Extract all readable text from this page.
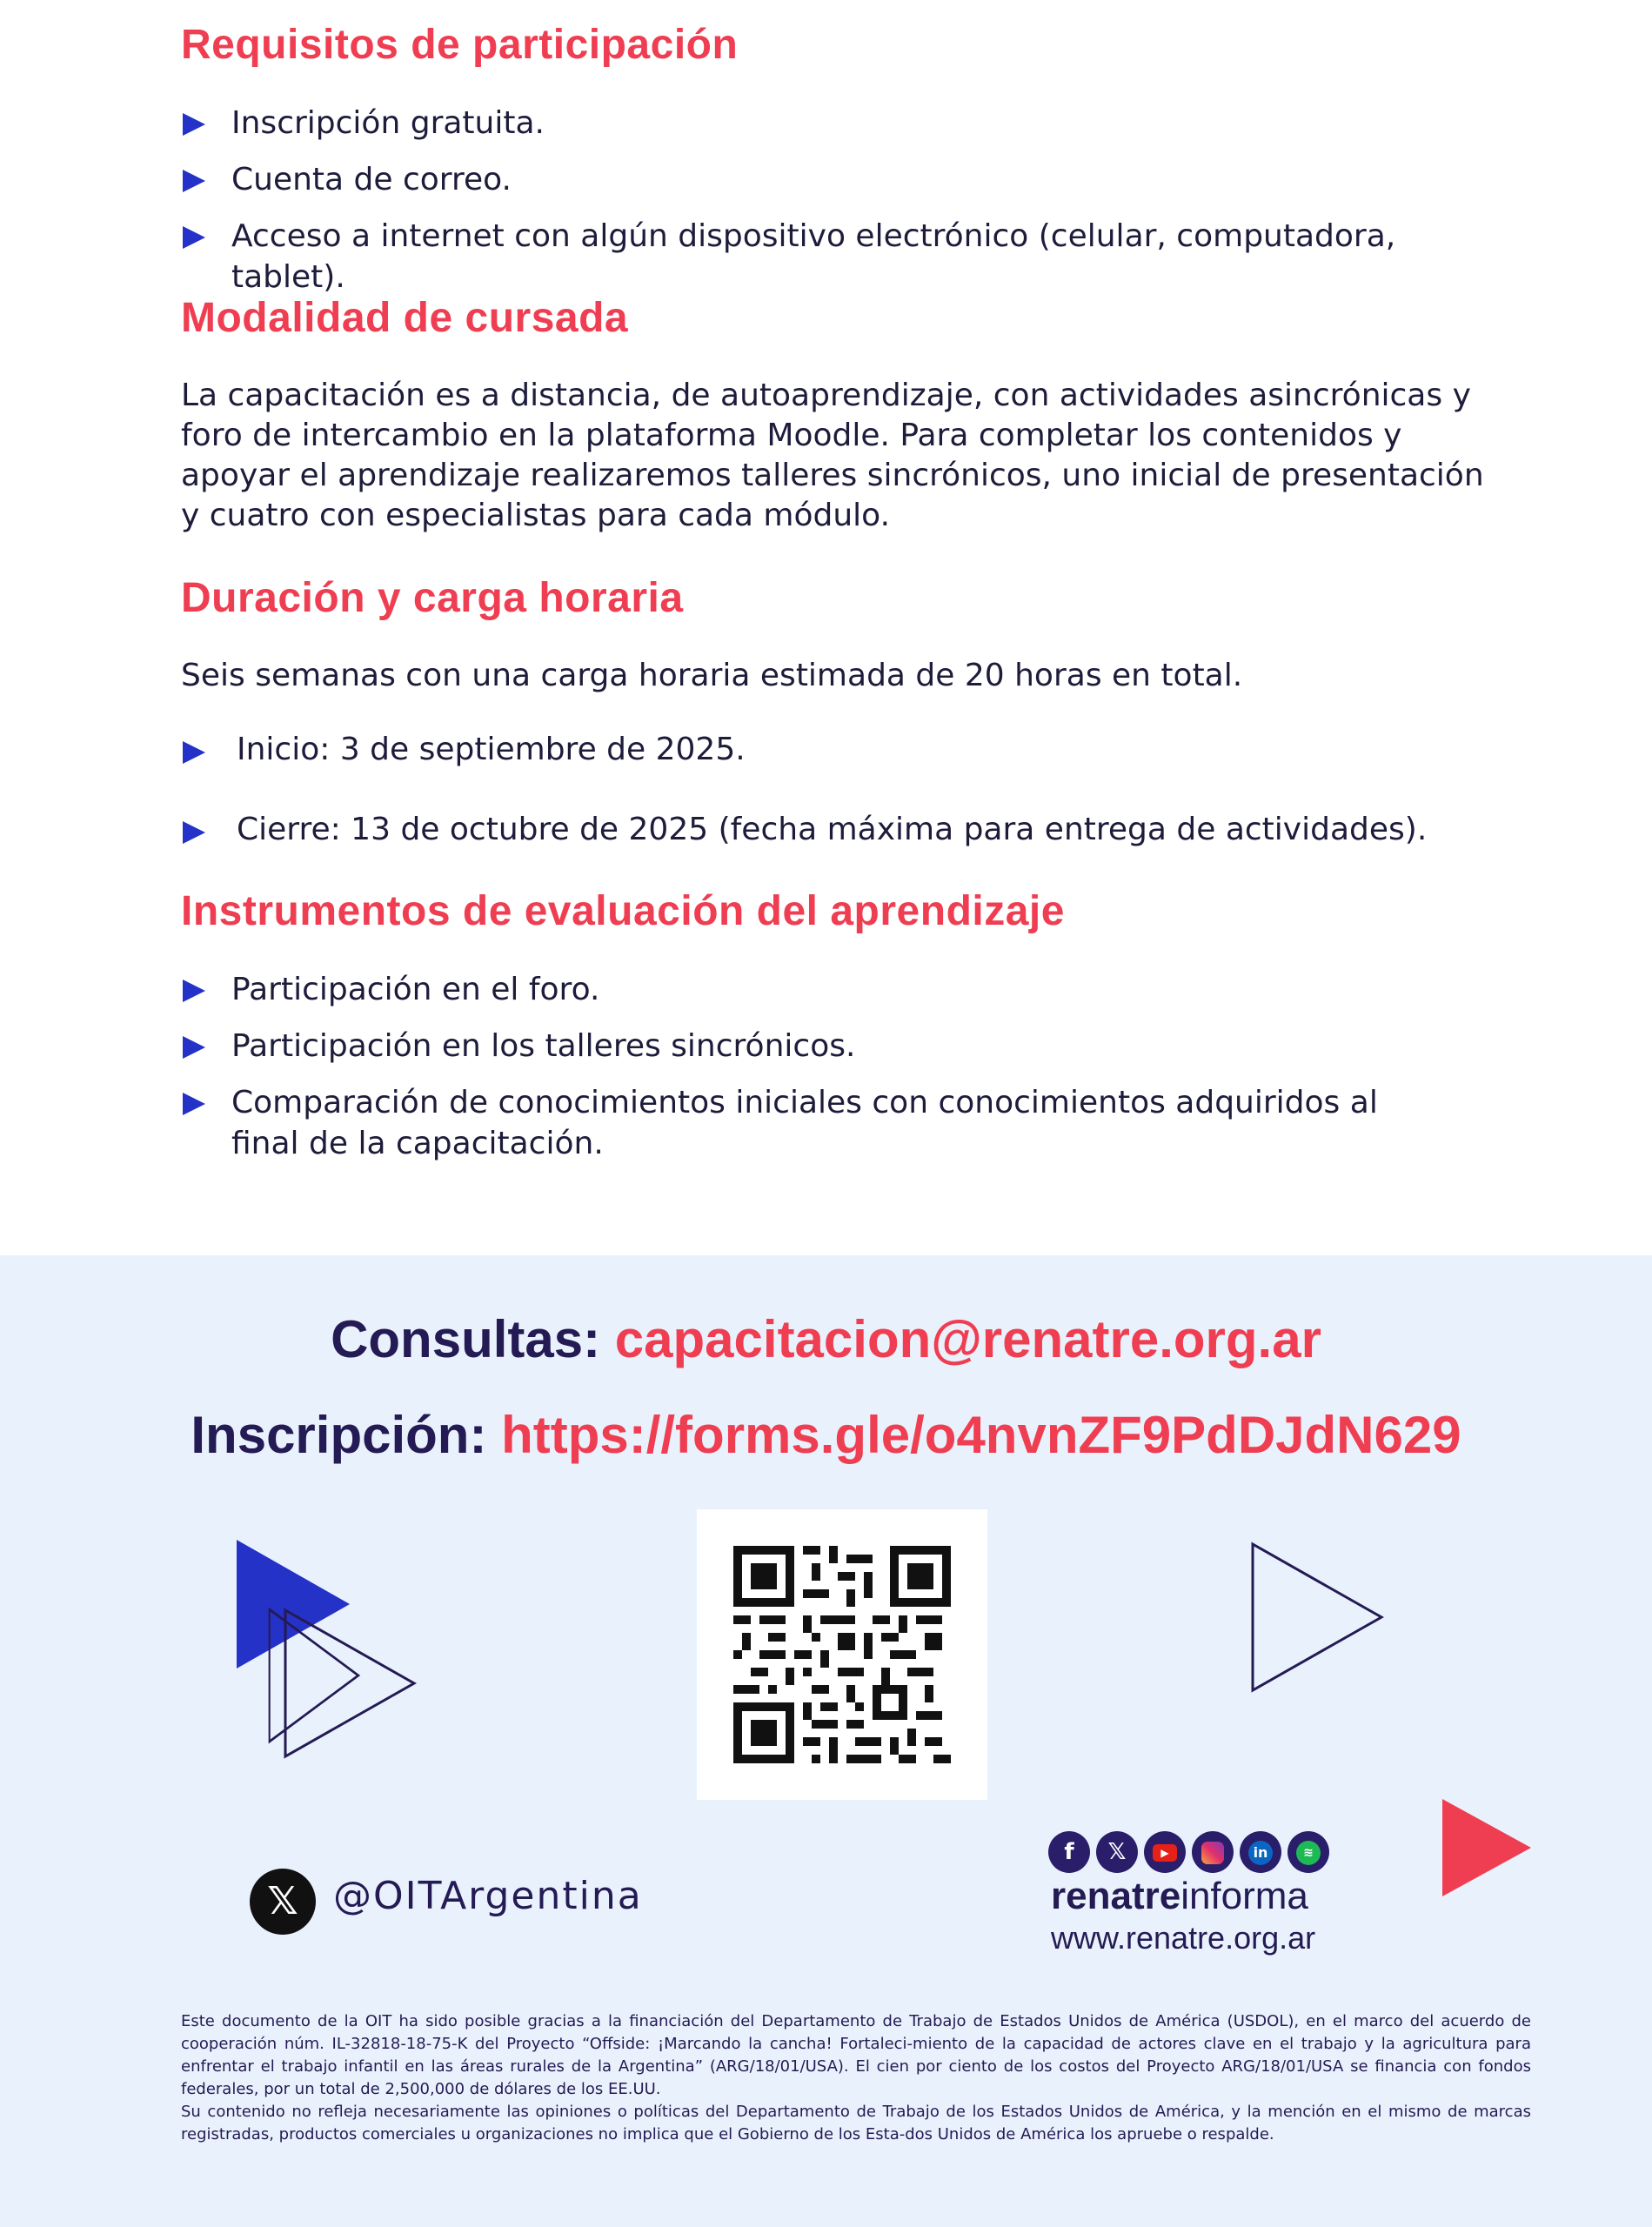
Requisitos de participación
Inscripción gratuita.
Cuenta de correo.
Acceso a internet con algún dispositivo electrónico (celular, computadora, tablet).
Modalidad de cursada

La capacitación es a distancia, de autoaprendizaje, con actividades asincrónicas y foro de intercambio en la plataforma Moodle. Para completar los contenidos y apoyar el aprendizaje realizaremos talleres sincrónicos, uno inicial de presentación y cuatro con especialistas para cada módulo.

Duración y carga horaria

Seis semanas con una carga horaria estimada de 20 horas en total.

Inicio: 3 de septiembre de 2025.
Cierre: 13 de octubre de 2025 (fecha máxima para entrega de actividades).
Instrumentos de evaluación del aprendizaje
Participación en el foro.
Participación en los talleres sincrónicos.
Comparación de conocimientos iniciales con conocimientos adquiridos al final de la capacitación.
Consultas: capacitacion@renatre.org.ar
Inscripción: https://forms.gle/o4nvnZF9PdDJdN629
𝕏 @OITArgentina
f	𝕏	▶	in	≋
renatreinforma
www.renatre.org.ar

Este documento de la OIT ha sido posible gracias a la financiación del Departamento de Trabajo de Estados Unidos de América (USDOL), en el marco del acuerdo de cooperación núm. IL-32818-18-75-K del Proyecto “Offside: ¡Marcando la cancha! Fortaleci-miento de la capacidad de actores clave en el trabajo y la agricultura para enfrentar el trabajo infantil en las áreas rurales de la Argentina” (ARG/18/01/USA). El cien por ciento de los costos del Proyecto ARG/18/01/USA se financia con fondos federales, por un total de 2,500,000 de dólares de los EE.UU.

Su contenido no refleja necesariamente las opiniones o políticas del Departamento de Trabajo de los Estados Unidos de América, y la mención en el mismo de marcas registradas, productos comerciales u organizaciones no implica que el Gobierno de los Esta-dos Unidos de América los apruebe o respalde.
